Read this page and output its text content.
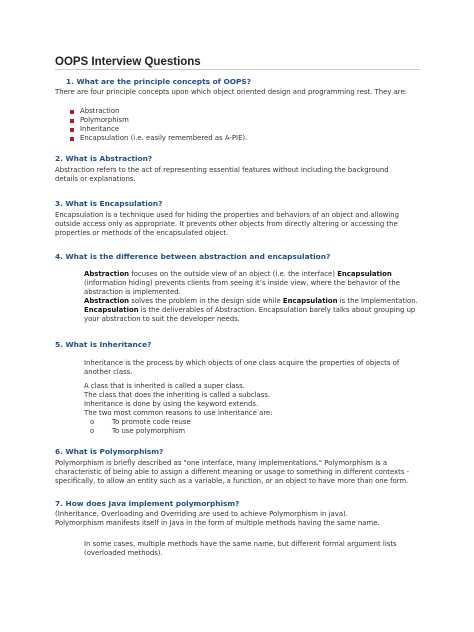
OOPS Interview Questions
1. What are the principle concepts of OOPS?
There are four principle concepts upon which object oriented design and programming rest. They are:
Abstraction
Polymorphism
Inheritance
Encapsulation (i.e. easily remembered as A-PIE).
2. What is Abstraction?
Abstraction refers to the act of representing essential features without including the background
details or explanations.
3. What is Encapsulation?
Encapsulation is a technique used for hiding the properties and behaviors of an object and allowing
outside access only as appropriate. It prevents other objects from directly altering or accessing the
properties or methods of the encapsulated object.
4. What is the difference between abstraction and encapsulation?
Abstraction focuses on the outside view of an object (i.e. the interface) Encapsulation
(information hiding) prevents clients from seeing it’s inside view, where the behavior of the
abstraction is implemented.
Abstraction solves the problem in the design side while Encapsulation is the Implementation.
Encapsulation is the deliverables of Abstraction. Encapsulation barely talks about grouping up
your abstraction to suit the developer needs.
5. What is Inheritance?
Inheritance is the process by which objects of one class acquire the properties of objects of
another class.
A class that is inherited is called a super class.
The class that does the inheriting is called a subclass.
Inheritance is done by using the keyword extends.
The two most common reasons to use inheritance are:
o	To promote code reuse
o	To use polymorphism
6. What is Polymorphism?
Polymorphism is briefly described as "one interface, many implementations." Polymorphism is a
characteristic of being able to assign a different meaning or usage to something in different contexts -
specifically, to allow an entity such as a variable, a function, or an object to have more than one form.
7. How does Java implement polymorphism?
(Inheritance, Overloading and Overriding are used to achieve Polymorphism in java).
Polymorphism manifests itself in Java in the form of multiple methods having the same name.
In some cases, multiple methods have the same name, but different formal argument lists
(overloaded methods).
